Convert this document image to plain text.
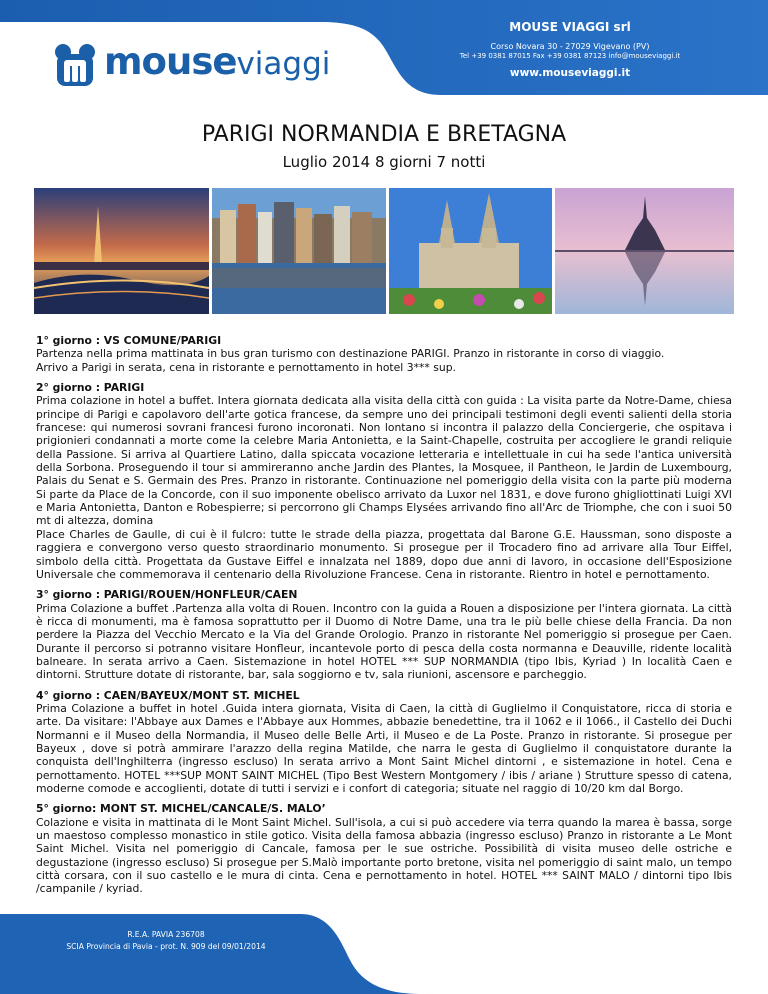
mouseviaggi
MOUSE VIAGGI srl
Corso Novara 30 - 27029 Vigevano (PV)
Tel +39 0381 87015 Fax +39 0381 87123 info@mouseviaggi.it
www.mouseviaggi.it
PARIGI NORMANDIA E BRETAGNA
Luglio 2014 8 giorni 7 notti
1° giorno : VS COMUNE/PARIGI

Partenza nella prima mattinata in bus gran turismo con destinazione PARIGI. Pranzo in ristorante in corso di viaggio.

Arrivo a Parigi in serata, cena in ristorante e pernottamento in hotel 3*** sup.

2° giorno : PARIGI

Prima colazione in hotel a buffet. Intera giornata dedicata alla visita della città con guida : La visita parte da Notre-Dame, chiesa principe di Parigi e capolavoro dell'arte gotica francese, da sempre uno dei principali testimoni degli eventi salienti della storia francese: qui numerosi sovrani francesi furono incoronati. Non lontano si incontra il palazzo della Conciergerie, che ospitava i prigionieri condannati a morte come la celebre Maria Antonietta, e la Saint-Chapelle, costruita per accogliere le grandi reliquie della Passione. Si arriva al Quartiere Latino, dalla spiccata vocazione letteraria e intellettuale in cui ha sede l'antica università della Sorbona. Proseguendo il tour si ammireranno anche Jardin des Plantes, la Mosquee, il Pantheon, le Jardin de Luxembourg, Palais du Senat e S. Germain des Pres. Pranzo in ristorante. Continuazione nel pomeriggio della visita con la parte più moderna Si parte da Place de la Concorde, con il suo imponente obelisco arrivato da Luxor nel 1831, e dove furono ghigliottinati Luigi XVI e Maria Antonietta, Danton e Robespierre; si percorrono gli Champs Elysées arrivando fino all'Arc de Triomphe, che con i suoi 50 mt di altezza, domina

Place Charles de Gaulle, di cui è il fulcro: tutte le strade della piazza, progettata dal Barone G.E. Haussman, sono disposte a raggiera e convergono verso questo straordinario monumento. Si prosegue per il Trocadero fino ad arrivare alla Tour Eiffel, simbolo della città. Progettata da Gustave Eiffel e innalzata nel 1889, dopo due anni di lavoro, in occasione dell'Esposizione Universale che commemorava il centenario della Rivoluzione Francese. Cena in ristorante. Rientro in hotel e pernottamento.

3° giorno : PARIGI/ROUEN/HONFLEUR/CAEN

Prima Colazione a buffet .Partenza alla volta di Rouen. Incontro con la guida a Rouen a disposizione per l'intera giornata. La città è ricca di monumenti, ma è famosa soprattutto per il Duomo di Notre Dame, una tra le più belle chiese della Francia. Da non perdere la Piazza del Vecchio Mercato e la Via del Grande Orologio. Pranzo in ristorante Nel pomeriggio si prosegue per Caen. Durante il percorso si potranno visitare Honfleur, incantevole porto di pesca della costa normanna e Deauville, ridente località balneare. In serata arrivo a Caen. Sistemazione in hotel HOTEL *** SUP NORMANDIA (tipo Ibis, Kyriad ) In località Caen e dintorni. Strutture dotate di ristorante, bar, sala soggiorno e tv, sala riunioni, ascensore e parcheggio.

4° giorno : CAEN/BAYEUX/MONT ST. MICHEL

Prima Colazione a buffet in hotel .Guida intera giornata, Visita di Caen, la città di Guglielmo il Conquistatore, ricca di storia e arte. Da visitare: l'Abbaye aux Dames e l'Abbaye aux Hommes, abbazie benedettine, tra il 1062 e il 1066., il Castello dei Duchi Normanni e il Museo della Normandia, il Museo delle Belle Arti, il Museo e de La Poste. Pranzo in ristorante. Si prosegue per Bayeux , dove si potrà ammirare l'arazzo della regina Matilde, che narra le gesta di Guglielmo il conquistatore durante la conquista dell'Inghilterra (ingresso escluso) In serata arrivo a Mont Saint Michel dintorni , e sistemazione in hotel. Cena e pernottamento. HOTEL ***SUP MONT SAINT MICHEL (Tipo Best Western Montgomery / ibis / ariane ) Strutture spesso di catena, moderne comode e accoglienti, dotate di tutti i servizi e i confort di categoria; situate nel raggio di 10/20 km dal Borgo.

5° giorno: MONT ST. MICHEL/CANCALE/S. MALO’

Colazione e visita in mattinata di le Mont Saint Michel. Sull'isola, a cui si può accedere via terra quando la marea è bassa, sorge un maestoso complesso monastico in stile gotico. Visita della famosa abbazia (ingresso escluso) Pranzo in ristorante a Le Mont Saint Michel. Visita nel pomeriggio di Cancale, famosa per le sue ostriche. Possibilità di visita museo delle ostriche e degustazione (ingresso escluso) Si prosegue per S.Malò importante porto bretone, visita nel pomeriggio di saint malo, un tempo città corsara, con il suo castello e le mura di cinta. Cena e pernottamento in hotel. HOTEL *** SAINT MALO / dintorni tipo Ibis /campanile / kyriad.

R.E.A. PAVIA 236708
SCIA Provincia di Pavia - prot. N. 909 del 09/01/2014
